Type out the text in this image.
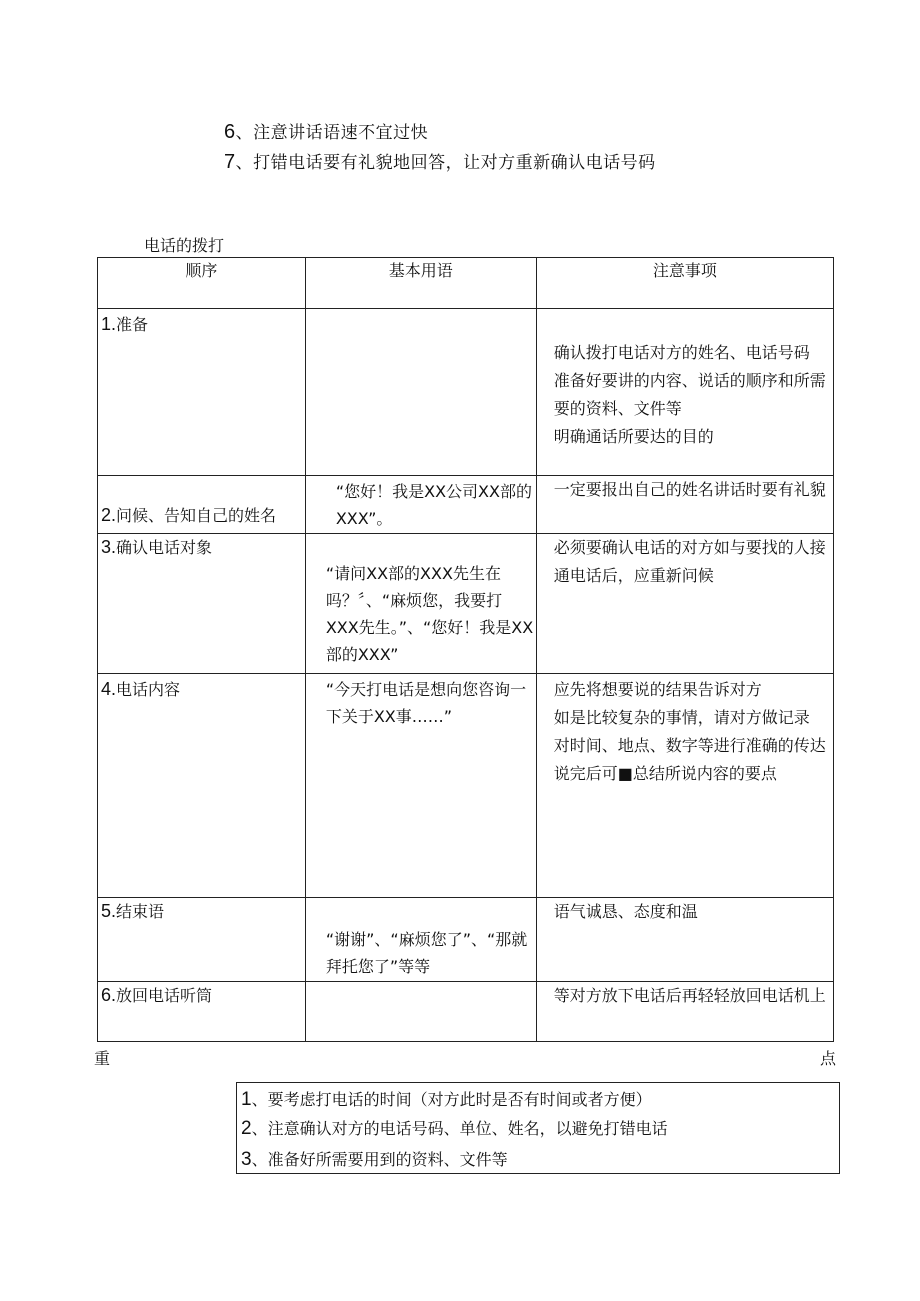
6、注意讲话语速不宜过快
7、打错电话要有礼貌地回答，让对方重新确认电话号码
电话的拨打
顺序	基本用语	注意事项

1.准备		确认拨打电话对方的姓名、电话号码
准备好要讲的内容、说话的顺序和所需要的资料、文件等
明确通话所要达的目的

2.问候、告知自己的姓名	“您好！我是XX公司XX部的XXX”。	一定要报出自己的姓名讲话时要有礼貌

3.确认电话对象	“请问XX部的XXX先生在吗？〞、“麻烦您，我要打XXX先生。”、“您好！我是XX部的XXX”	必须要确认电话的对方如与要找的人接通电话后，应重新问候

4.电话内容	“今天打电话是想向您咨询一下关于XX事……”	应先将想要说的结果告诉对方
如是比较复杂的事情，请对方做记录
对时间、地点、数字等进行准确的传达
说完后可■总结所说内容的要点

5.结束语	“谢谢”、“麻烦您了”、“那就拜托您了”等等	语气诚恳、态度和温

6.放回电话听筒		等对方放下电话后再轻轻放回电话机上
重	点
1、要考虑打电话的时间（对方此时是否有时间或者方便）
2、注意确认对方的电话号码、单位、姓名，以避免打错电话
3、准备好所需要用到的资料、文件等
